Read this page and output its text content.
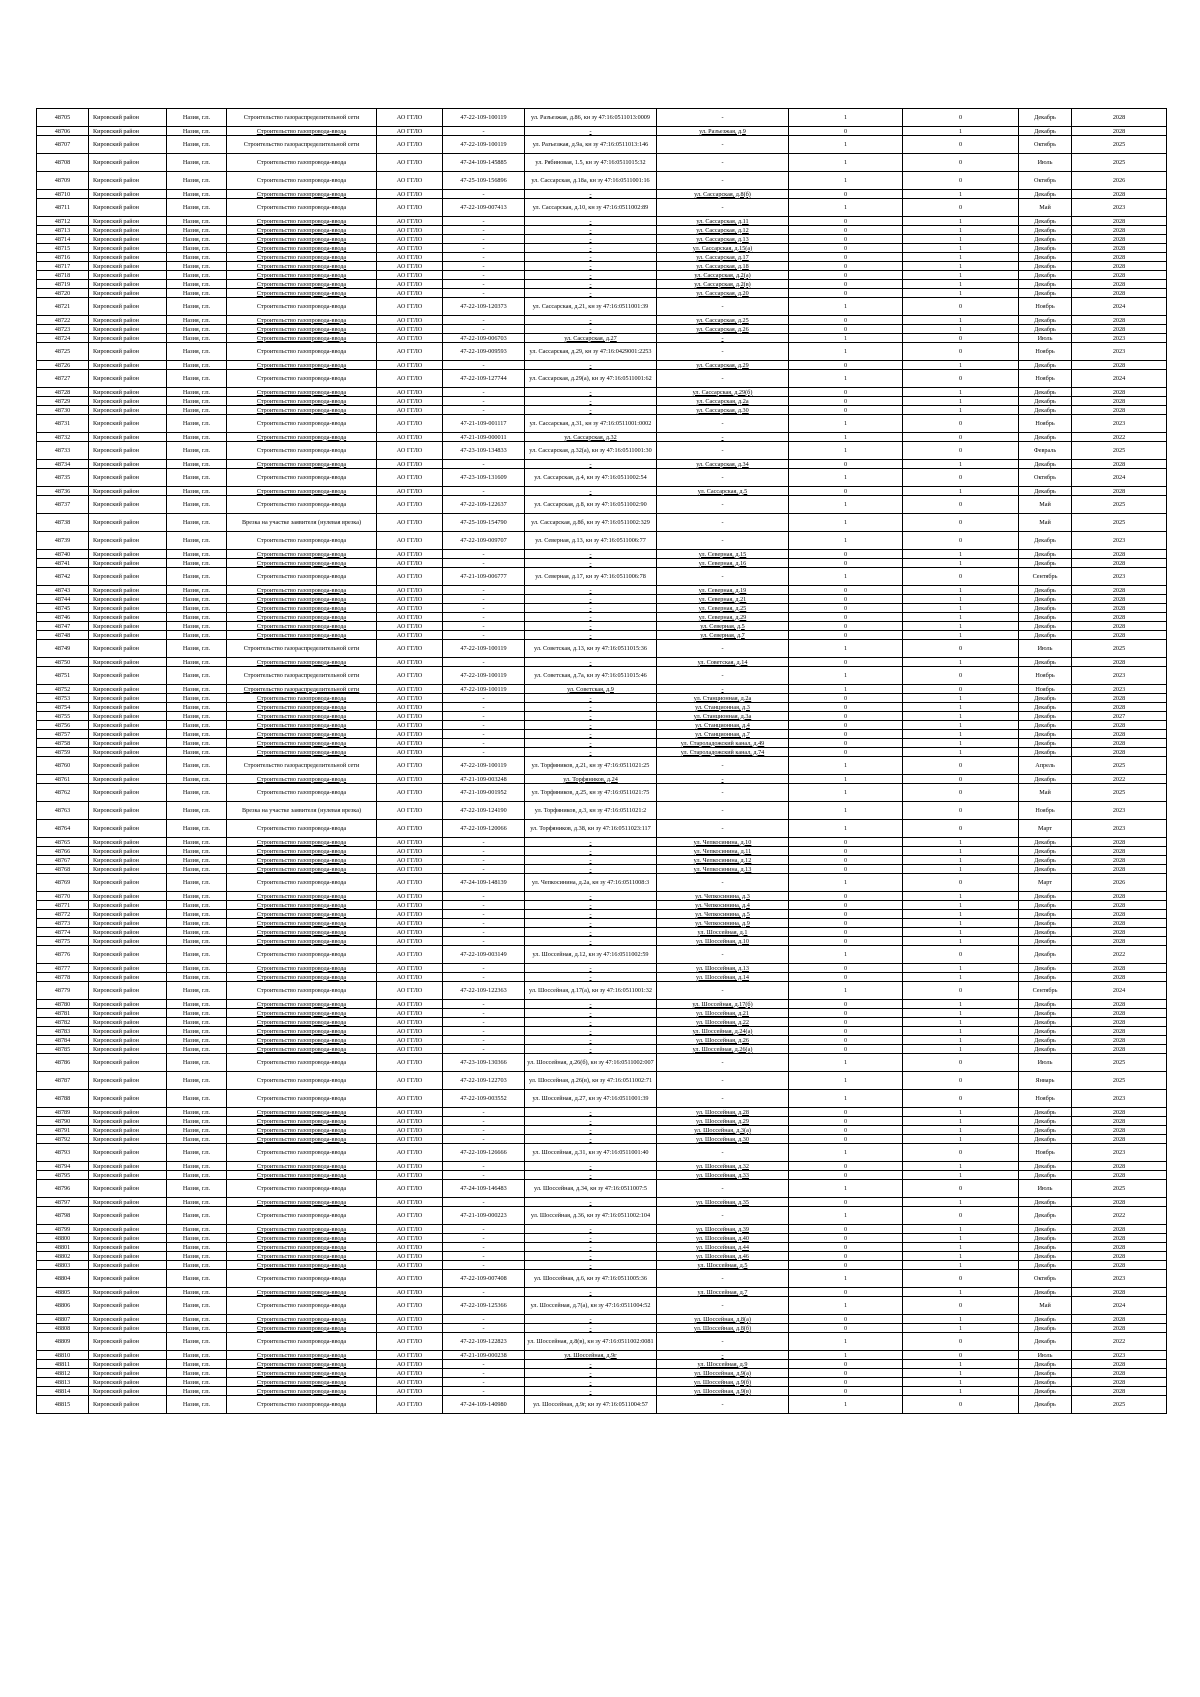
48705	Кировский район	Назия, г.п.	Строительство газораспределительной сети	АО ГГЛО	47-22-109-100119	ул. Разъезжая, д.86, кн зу 47:16:0511013:0009	-	1	0	Декабрь	2028
48706	Кировский район	Назия, г.п.	Строительство газопровода-ввода	АО ГГЛО	-	-	ул. Разъезжая, д.9	0	1	Декабрь	2028
48707	Кировский район	Назия, г.п.	Строительство газораспределительной сети	АО ГГЛО	47-22-109-100119	ул. Разъезжая, д.9а, кн зу 47:16:0511013:146	-	1	0	Октябрь	2025
48708	Кировский район	Назия, г.п.	Строительство газопровода-ввода	АО ГГЛО	47-24-109-145885	ул. Рябиновая, 1.5, кн зу 47:16:0511015:32	-	1	0	Июль	2025
48709	Кировский район	Назия, г.п.	Строительство газопровода-ввода	АО ГГЛО	47-25-109-156896	ул. Сассарская, д.18а, кн зу 47:16:0511001:16	-	1	0	Октябрь	2026
48710	Кировский район	Назия, г.п.	Строительство газопровода-ввода	АО ГГЛО	-	-	ул. Сассарская, д.8(б)	0	1	Декабрь	2028
48711	Кировский район	Назия, г.п.	Строительство газопровода-ввода	АО ГГЛО	47-22-109-007413	ул. Сассарская, д.10, кн зу 47:16:0511002:89	-	1	0	Май	2023
48712	Кировский район	Назия, г.п.	Строительство газопровода-ввода	АО ГГЛО	-	-	ул. Сассарская, д.11	0	1	Декабрь	2028
48713	Кировский район	Назия, г.п.	Строительство газопровода-ввода	АО ГГЛО	-	-	ул. Сассарская, д.12	0	1	Декабрь	2028
48714	Кировский район	Назия, г.п.	Строительство газопровода-ввода	АО ГГЛО	-	-	ул. Сассарская, д.13	0	1	Декабрь	2028
48715	Кировский район	Назия, г.п.	Строительство газопровода-ввода	АО ГГЛО	-	-	ул. Сассарская, д.15(а)	0	1	Декабрь	2028
48716	Кировский район	Назия, г.п.	Строительство газопровода-ввода	АО ГГЛО	-	-	ул. Сассарская, д.17	0	1	Декабрь	2028
48717	Кировский район	Назия, г.п.	Строительство газопровода-ввода	АО ГГЛО	-	-	ул. Сассарская, д.18	0	1	Декабрь	2028
48718	Кировский район	Назия, г.п.	Строительство газопровода-ввода	АО ГГЛО	-	-	ул. Сассарская, д.2(а)	0	1	Декабрь	2028
48719	Кировский район	Назия, г.п.	Строительство газопровода-ввода	АО ГГЛО	-	-	ул. Сассарская, д.2(в)	0	1	Декабрь	2028
48720	Кировский район	Назия, г.п.	Строительство газопровода-ввода	АО ГГЛО	-	-	ул. Сассарская, д.20	0	1	Декабрь	2028
48721	Кировский район	Назия, г.п.	Строительство газопровода-ввода	АО ГГЛО	47-22-109-120373	ул. Сассарская, д.21, кн зу 47:16:0511001:39	-	1	0	Ноябрь	2024
48722	Кировский район	Назия, г.п.	Строительство газопровода-ввода	АО ГГЛО	-	-	ул. Сассарская, д.25	0	1	Декабрь	2028
48723	Кировский район	Назия, г.п.	Строительство газопровода-ввода	АО ГГЛО	-	-	ул. Сассарская, д.26	0	1	Декабрь	2028
48724	Кировский район	Назия, г.п.	Строительство газопровода-ввода	АО ГГЛО	47-22-109-006703	ул. Сассарская, д.27	-	1	0	Июль	2023
48725	Кировский район	Назия, г.п.	Строительство газопровода-ввода	АО ГГЛО	47-22-109-009593	ул. Сассарская, д.29, кн зу 47:16:0429001:2253	-	1	0	Ноябрь	2023
48726	Кировский район	Назия, г.п.	Строительство газопровода-ввода	АО ГГЛО	-	-	ул. Сассарская, д.29	0	1	Декабрь	2028
48727	Кировский район	Назия, г.п.	Строительство газопровода-ввода	АО ГГЛО	47-22-109-127744	ул. Сассарская, д.29(а), кн зу 47:16:0511001:62	-	1	0	Ноябрь	2024
48728	Кировский район	Назия, г.п.	Строительство газопровода-ввода	АО ГГЛО	-	-	ул. Сассарская, д.29(б)	0	1	Декабрь	2028
48729	Кировский район	Назия, г.п.	Строительство газопровода-ввода	АО ГГЛО	-	-	ул. Сассарская, д.2а	0	1	Декабрь	2028
48730	Кировский район	Назия, г.п.	Строительство газопровода-ввода	АО ГГЛО	-	-	ул. Сассарская, д.30	0	1	Декабрь	2028
48731	Кировский район	Назия, г.п.	Строительство газопровода-ввода	АО ГГЛО	47-21-109-001117	ул. Сассарская, д.31, кн зу 47:16:0511001:0002	-	1	0	Ноябрь	2023
48732	Кировский район	Назия, г.п.	Строительство газопровода-ввода	АО ГГЛО	47-21-109-000011	ул. Сассарская, д.32	-	1	0	Декабрь	2022
48733	Кировский район	Назия, г.п.	Строительство газопровода-ввода	АО ГГЛО	47-23-109-134833	ул. Сассарская, д.32(а), кн зу 47:16:0511001:30	-	1	0	Февраль	2025
48734	Кировский район	Назия, г.п.	Строительство газопровода-ввода	АО ГГЛО	-	-	ул. Сассарская, д.34	0	1	Декабрь	2028
48735	Кировский район	Назия, г.п.	Строительство газопровода-ввода	АО ГГЛО	47-23-109-131609	ул. Сассарская, д.4, кн зу 47:16:0511002:54	-	1	0	Октябрь	2024
48736	Кировский район	Назия, г.п.	Строительство газопровода-ввода	АО ГГЛО	-	-	ул. Сассарская, д.5	0	1	Декабрь	2028
48737	Кировский район	Назия, г.п.	Строительство газопровода-ввода	АО ГГЛО	47-22-109-122637	ул. Сассарская, д.8, кн зу 47:16:0511002:90	-	1	0	Май	2025
48738	Кировский район	Назия, г.п.	Врезка на участке заявителя (нулевая врезка)	АО ГГЛО	47-25-109-154790	ул. Сассарская, д.8б, кн зу 47:16:0511002:329	-	1	0	Май	2025
48739	Кировский район	Назия, г.п.	Строительство газопровода-ввода	АО ГГЛО	47-22-109-009707	ул. Северная, д.13, кн зу 47:16:0511006:77	-	1	0	Декабрь	2023
48740	Кировский район	Назия, г.п.	Строительство газопровода-ввода	АО ГГЛО	-	-	ул. Северная, д.15	0	1	Декабрь	2028
48741	Кировский район	Назия, г.п.	Строительство газопровода-ввода	АО ГГЛО	-	-	ул. Северная, д.16	0	1	Декабрь	2028
48742	Кировский район	Назия, г.п.	Строительство газопровода-ввода	АО ГГЛО	47-21-109-006777	ул. Северная, д.17, кн зу 47:16:0511006:78	-	1	0	Сентябрь	2023
48743	Кировский район	Назия, г.п.	Строительство газопровода-ввода	АО ГГЛО	-	-	ул. Северная, д.19	0	1	Декабрь	2028
48744	Кировский район	Назия, г.п.	Строительство газопровода-ввода	АО ГГЛО	-	-	ул. Северная, д.21	0	1	Декабрь	2028
48745	Кировский район	Назия, г.п.	Строительство газопровода-ввода	АО ГГЛО	-	-	ул. Северная, д.25	0	1	Декабрь	2028
48746	Кировский район	Назия, г.п.	Строительство газопровода-ввода	АО ГГЛО	-	-	ул. Северная, д.29	0	1	Декабрь	2028
48747	Кировский район	Назия, г.п.	Строительство газопровода-ввода	АО ГГЛО	-	-	ул. Северная, д.5	0	1	Декабрь	2028
48748	Кировский район	Назия, г.п.	Строительство газопровода-ввода	АО ГГЛО	-	-	ул. Северная, д.7	0	1	Декабрь	2028
48749	Кировский район	Назия, г.п.	Строительство газораспределительной сети	АО ГГЛО	47-22-109-100119	ул. Советская, д.13, кн зу 47:16:0511015:36	-	1	0	Июль	2025
48750	Кировский район	Назия, г.п.	Строительство газопровода-ввода	АО ГГЛО	-	-	ул. Советская, д.14	0	1	Декабрь	2028
48751	Кировский район	Назия, г.п.	Строительство газораспределительной сети	АО ГГЛО	47-22-109-100119	ул. Советская, д.7а, кн зу 47:16:0511015:46	-	1	0	Ноябрь	2023
48752	Кировский район	Назия, г.п.	Строительство газораспределительной сети	АО ГГЛО	47-22-109-100119	ул. Советская, д.9	-	1	0	Ноябрь	2023
48753	Кировский район	Назия, г.п.	Строительство газопровода-ввода	АО ГГЛО	-	-	ул. Станционная, д.2а	0	1	Декабрь	2028
48754	Кировский район	Назия, г.п.	Строительство газопровода-ввода	АО ГГЛО	-	-	ул. Станционная, д.3	0	1	Декабрь	2028
48755	Кировский район	Назия, г.п.	Строительство газопровода-ввода	АО ГГЛО	-	-	ул. Станционная, д.3а	0	1	Декабрь	2027
48756	Кировский район	Назия, г.п.	Строительство газопровода-ввода	АО ГГЛО	-	-	ул. Станционная, д.4	0	1	Декабрь	2028
48757	Кировский район	Назия, г.п.	Строительство газопровода-ввода	АО ГГЛО	-	-	ул. Станционная, д.7	0	1	Декабрь	2028
48758	Кировский район	Назия, г.п.	Строительство газопровода-ввода	АО ГГЛО	-	-	ул. Староладожский канал, д.49	0	1	Декабрь	2028
48759	Кировский район	Назия, г.п.	Строительство газопровода-ввода	АО ГГЛО	-	-	ул. Староладожский канал, д.74	0	1	Декабрь	2028
48760	Кировский район	Назия, г.п.	Строительство газораспределительной сети	АО ГГЛО	47-22-109-100119	ул. Торфяников, д.21, кн зу 47:16:0511021:25	-	1	0	Апрель	2025
48761	Кировский район	Назия, г.п.	Строительство газопровода-ввода	АО ГГЛО	47-21-109-003248	ул. Торфяников, д.24	-	1	0	Декабрь	2022
48762	Кировский район	Назия, г.п.	Строительство газопровода-ввода	АО ГГЛО	47-21-109-001952	ул. Торфяников, д.25, кн зу 47:16:0511021:75	-	1	0	Май	2025
48763	Кировский район	Назия, г.п.	Врезка на участке заявителя (нулевая врезка)	АО ГГЛО	47-22-109-124190	ул. Торфяников, д.3, кн зу 47:16:0511021:2	-	1	0	Ноябрь	2023
48764	Кировский район	Назия, г.п.	Строительство газопровода-ввода	АО ГГЛО	47-22-109-120066	ул. Торфяников, д.38, кн зу 47:16:0511023:117	-	1	0	Март	2023
48765	Кировский район	Назия, г.п.	Строительство газопровода-ввода	АО ГГЛО	-	-	ул. Чепкосинина, д.10	0	1	Декабрь	2028
48766	Кировский район	Назия, г.п.	Строительство газопровода-ввода	АО ГГЛО	-	-	ул. Чепкосинина, д.11	0	1	Декабрь	2028
48767	Кировский район	Назия, г.п.	Строительство газопровода-ввода	АО ГГЛО	-	-	ул. Чепкосинина, д.12	0	1	Декабрь	2028
48768	Кировский район	Назия, г.п.	Строительство газопровода-ввода	АО ГГЛО	-	-	ул. Чепкосинина, д.13	0	1	Декабрь	2028
48769	Кировский район	Назия, г.п.	Строительство газопровода-ввода	АО ГГЛО	47-24-109-148139	ул. Чепкосинина, д.2а, кн зу 47:16:0511008:3	-	1	0	Март	2026
48770	Кировский район	Назия, г.п.	Строительство газопровода-ввода	АО ГГЛО	-	-	ул. Чепкосинина, д.3	0	1	Декабрь	2028
48771	Кировский район	Назия, г.п.	Строительство газопровода-ввода	АО ГГЛО	-	-	ул. Чепкосинина, д.4	0	1	Декабрь	2028
48772	Кировский район	Назия, г.п.	Строительство газопровода-ввода	АО ГГЛО	-	-	ул. Чепкосинина, д.5	0	1	Декабрь	2028
48773	Кировский район	Назия, г.п.	Строительство газопровода-ввода	АО ГГЛО	-	-	ул. Чепкосинина, д.9	0	1	Декабрь	2028
48774	Кировский район	Назия, г.п.	Строительство газопровода-ввода	АО ГГЛО	-	-	ул. Шоссейная, д.1	0	1	Декабрь	2028
48775	Кировский район	Назия, г.п.	Строительство газопровода-ввода	АО ГГЛО	-	-	ул. Шоссейная, д.10	0	1	Декабрь	2028
48776	Кировский район	Назия, г.п.	Строительство газопровода-ввода	АО ГГЛО	47-22-109-003149	ул. Шоссейная, д.12, кн зу 47:16:0511002:59	-	1	0	Декабрь	2022
48777	Кировский район	Назия, г.п.	Строительство газопровода-ввода	АО ГГЛО	-	-	ул. Шоссейная, д.13	0	1	Декабрь	2028
48778	Кировский район	Назия, г.п.	Строительство газопровода-ввода	АО ГГЛО	-	-	ул. Шоссейная, д.14	0	1	Декабрь	2028
48779	Кировский район	Назия, г.п.	Строительство газопровода-ввода	АО ГГЛО	47-22-109-122363	ул. Шоссейная, д.17(а), кн зу 47:16:0511001:32	-	1	0	Сентябрь	2024
48780	Кировский район	Назия, г.п.	Строительство газопровода-ввода	АО ГГЛО	-	-	ул. Шоссейная, д.17(б)	0	1	Декабрь	2028
48781	Кировский район	Назия, г.п.	Строительство газопровода-ввода	АО ГГЛО	-	-	ул. Шоссейная, д.21	0	1	Декабрь	2028
48782	Кировский район	Назия, г.п.	Строительство газопровода-ввода	АО ГГЛО	-	-	ул. Шоссейная, д.22	0	1	Декабрь	2028
48783	Кировский район	Назия, г.п.	Строительство газопровода-ввода	АО ГГЛО	-	-	ул. Шоссейная, д.24(а)	0	1	Декабрь	2028
48784	Кировский район	Назия, г.п.	Строительство газопровода-ввода	АО ГГЛО	-	-	ул. Шоссейная, д.26	0	1	Декабрь	2028
48785	Кировский район	Назия, г.п.	Строительство газопровода-ввода	АО ГГЛО	-	-	ул. Шоссейная, д.26(а)	0	1	Декабрь	2028
48786	Кировский район	Назия, г.п.	Строительство газопровода-ввода	АО ГГЛО	47-23-109-130366	ул. Шоссейная, д.26(б), кн зу 47:16:0511002:007	-	1	0	Июль	2025
48787	Кировский район	Назия, г.п.	Строительство газопровода-ввода	АО ГГЛО	47-22-109-122703	ул. Шоссейная, д.26(в), кн зу 47:16:0511002:71	-	1	0	Январь	2025
48788	Кировский район	Назия, г.п.	Строительство газопровода-ввода	АО ГГЛО	47-22-109-003552	ул. Шоссейная, д.27, кн зу 47:16:0511001:39	-	1	0	Ноябрь	2023
48789	Кировский район	Назия, г.п.	Строительство газопровода-ввода	АО ГГЛО	-	-	ул. Шоссейная, д.28	0	1	Декабрь	2028
48790	Кировский район	Назия, г.п.	Строительство газопровода-ввода	АО ГГЛО	-	-	ул. Шоссейная, д.29	0	1	Декабрь	2028
48791	Кировский район	Назия, г.п.	Строительство газопровода-ввода	АО ГГЛО	-	-	ул. Шоссейная, д.3(а)	0	1	Декабрь	2028
48792	Кировский район	Назия, г.п.	Строительство газопровода-ввода	АО ГГЛО	-	-	ул. Шоссейная, д.30	0	1	Декабрь	2028
48793	Кировский район	Назия, г.п.	Строительство газопровода-ввода	АО ГГЛО	47-22-109-126666	ул. Шоссейная, д.31, кн зу 47:16:0511001:40	-	1	0	Ноябрь	2023
48794	Кировский район	Назия, г.п.	Строительство газопровода-ввода	АО ГГЛО	-	-	ул. Шоссейная, д.32	0	1	Декабрь	2028
48795	Кировский район	Назия, г.п.	Строительство газопровода-ввода	АО ГГЛО	-	-	ул. Шоссейная, д.33	0	1	Декабрь	2028
48796	Кировский район	Назия, г.п.	Строительство газопровода-ввода	АО ГГЛО	47-24-109-146483	ул. Шоссейная, д.34, кн зу 47:16:0511007:5	-	1	0	Июль	2025
48797	Кировский район	Назия, г.п.	Строительство газопровода-ввода	АО ГГЛО	-	-	ул. Шоссейная, д.35	0	1	Декабрь	2028
48798	Кировский район	Назия, г.п.	Строительство газопровода-ввода	АО ГГЛО	47-21-109-000223	ул. Шоссейная, д.36, кн зу 47:16:0511002:104	-	1	0	Декабрь	2022
48799	Кировский район	Назия, г.п.	Строительство газопровода-ввода	АО ГГЛО	-	-	ул. Шоссейная, д.39	0	1	Декабрь	2028
48800	Кировский район	Назия, г.п.	Строительство газопровода-ввода	АО ГГЛО	-	-	ул. Шоссейная, д.40	0	1	Декабрь	2028
48801	Кировский район	Назия, г.п.	Строительство газопровода-ввода	АО ГГЛО	-	-	ул. Шоссейная, д.44	0	1	Декабрь	2028
48802	Кировский район	Назия, г.п.	Строительство газопровода-ввода	АО ГГЛО	-	-	ул. Шоссейная, д.46	0	1	Декабрь	2028
48803	Кировский район	Назия, г.п.	Строительство газопровода-ввода	АО ГГЛО	-	-	ул. Шоссейная, д.5	0	1	Декабрь	2028
48804	Кировский район	Назия, г.п.	Строительство газопровода-ввода	АО ГГЛО	47-22-109-007408	ул. Шоссейная, д.6, кн зу 47:16:0511005:36	-	1	0	Октябрь	2023
48805	Кировский район	Назия, г.п.	Строительство газопровода-ввода	АО ГГЛО	-	-	ул. Шоссейная, д.7	0	1	Декабрь	2028
48806	Кировский район	Назия, г.п.	Строительство газопровода-ввода	АО ГГЛО	47-22-109-125366	ул. Шоссейная, д.7(а), кн зу 47:16:0511004:52	-	1	0	Май	2024
48807	Кировский район	Назия, г.п.	Строительство газопровода-ввода	АО ГГЛО	-	-	ул. Шоссейная, д.8(а)	0	1	Декабрь	2028
48808	Кировский район	Назия, г.п.	Строительство газопровода-ввода	АО ГГЛО	-	-	ул. Шоссейная, д.8(б)	0	1	Декабрь	2028
48809	Кировский район	Назия, г.п.	Строительство газопровода-ввода	АО ГГЛО	47-22-109-122823	ул. Шоссейная, д.8(в), кн зу 47:16:0511002:0081	-	1	0	Декабрь	2022
48810	Кировский район	Назия, г.п.	Строительство газопровода-ввода	АО ГГЛО	47-21-109-000238	ул. Шоссейная, д.9г	-	1	0	Июль	2023
48811	Кировский район	Назия, г.п.	Строительство газопровода-ввода	АО ГГЛО	-	-	ул. Шоссейная, д.9	0	1	Декабрь	2028
48812	Кировский район	Назия, г.п.	Строительство газопровода-ввода	АО ГГЛО	-	-	ул. Шоссейная, д.9(а)	0	1	Декабрь	2028
48813	Кировский район	Назия, г.п.	Строительство газопровода-ввода	АО ГГЛО	-	-	ул. Шоссейная, д.9(б)	0	1	Декабрь	2028
48814	Кировский район	Назия, г.п.	Строительство газопровода-ввода	АО ГГЛО	-	-	ул. Шоссейная, д.9(в)	0	1	Декабрь	2028
48815	Кировский район	Назия, г.п.	Строительство газопровода-ввода	АО ГГЛО	47-24-109-140980	ул. Шоссейная, д.9г, кн зу 47:16:0511004:57	-	1	0	Декабрь	2025
